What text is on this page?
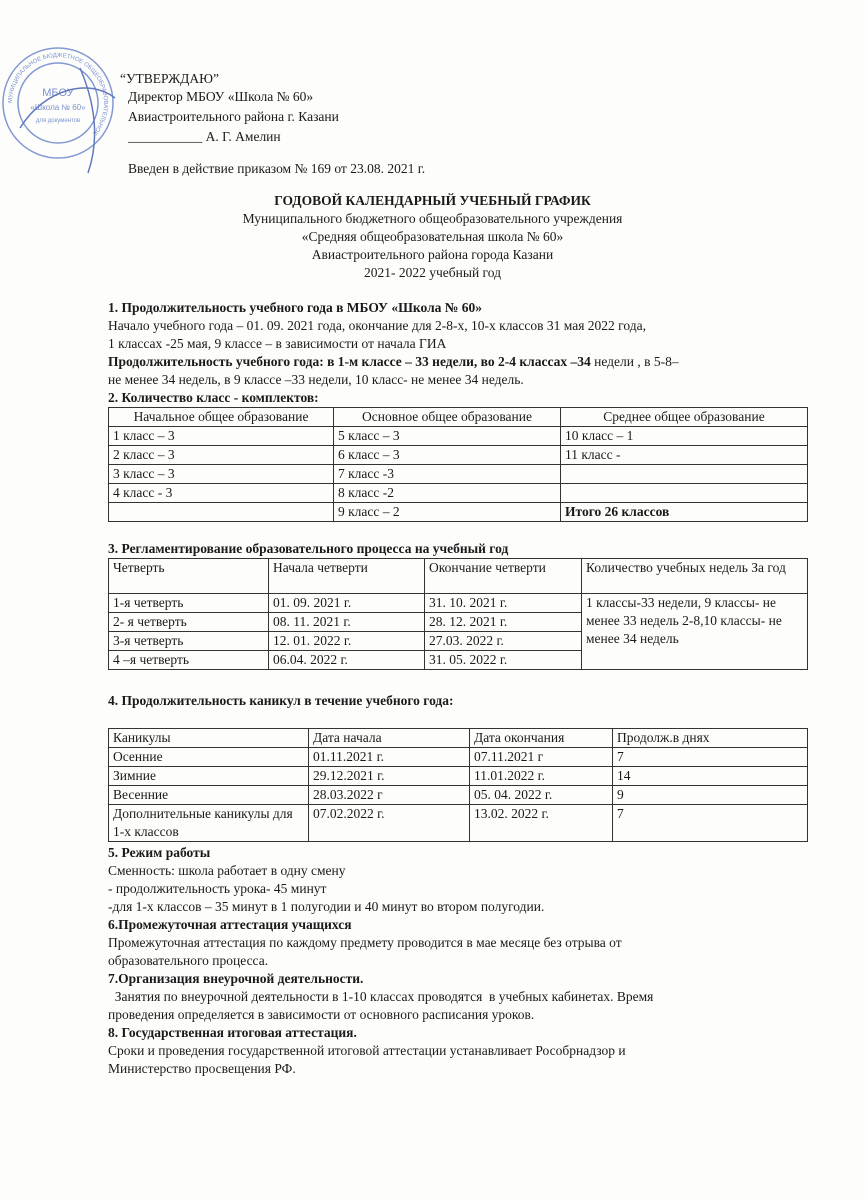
МУНИЦИПАЛЬНОЕ БЮДЖЕТНОЕ ОБЩЕОБРАЗОВАТЕЛЬНОЕ
МБОУ
«Школа № 60»
для документов
“УТВЕРЖДАЮ”
Директор МБОУ «Школа № 60»
Авиастроительного района г. Казани
___________ А. Г. Амелин
Введен в действие приказом № 169 от 23.08. 2021 г.
ГОДОВОЙ КАЛЕНДАРНЫЙ УЧЕБНЫЙ ГРАФИК
Муниципального бюджетного общеобразовательного учреждения
«Средняя общеобразовательная школа № 60»
Авиастроительного района города Казани
2021- 2022 учебный год
1. Продолжительность учебного года в МБОУ «Школа № 60»
Начало учебного года – 01. 09. 2021 года, окончание для 2-8-х, 10-х классов 31 мая 2022 года,
1 классах -25 мая, 9 классе – в зависимости от начала ГИА
Продолжительность учебного года: в 1-м классе – 33 недели, во 2-4 классах –34 недели , в 5-8–
не менее 34 недель, в 9 классе –33 недели, 10 класс- не менее 34 недель.
2. Количество класс - комплектов:
Начальное общее образование	Основное общее образование	Среднее общее образование
1 класс – 3	5 класс – 3	10 класс – 1
2 класс – 3	6 класс – 3	11 класс -
3 класс – 3	7 класс -3	
4 класс - 3	8 класс -2	
	9 класс – 2	Итого 26 классов
3. Регламентирование образовательного процесса на учебный год
Четверть	Начала четверти	Окончание четверти	Количество учебных недель За год
1-я четверть	01. 09. 2021 г.	31. 10. 2021 г.	1 классы-33 недели, 9 классы- не менее 33 недель 2-8,10 классы- не менее 34 недель
2- я четверть	08. 11. 2021 г.	28. 12. 2021 г.	
3-я четверть	12. 01. 2022 г.	27.03. 2022 г.	
4 –я четверть	06.04. 2022 г.	31. 05. 2022 г.	
4. Продолжительность каникул в течение учебного года:
Каникулы	Дата начала	Дата окончания	Продолж.в днях
Осенние	01.11.2021 г.	07.11.2021 г	7
Зимние	29.12.2021 г.	11.01.2022 г.	14
Весенние	28.03.2022 г	05. 04. 2022 г.	9
Дополнительные каникулы для 1-х классов	07.02.2022 г.	13.02. 2022 г.	7
5. Режим работы
Сменность: школа работает в одну смену
- продолжительность урока- 45 минут
-для 1-х классов – 35 минут в 1 полугодии и 40 минут во втором полугодии.
6.Промежуточная аттестация учащихся
Промежуточная аттестация по каждому предмету проводится в мае месяце без отрыва от
образовательного процесса.
7.Организация внеурочной деятельности.
Занятия по внеурочной деятельности в 1-10 классах проводятся  в учебных кабинетах. Время
проведения определяется в зависимости от основного расписания уроков.
8. Государственная итоговая аттестация.
Сроки и проведения государственной итоговой аттестации устанавливает Рособрнадзор и
Министерство просвещения РФ.
